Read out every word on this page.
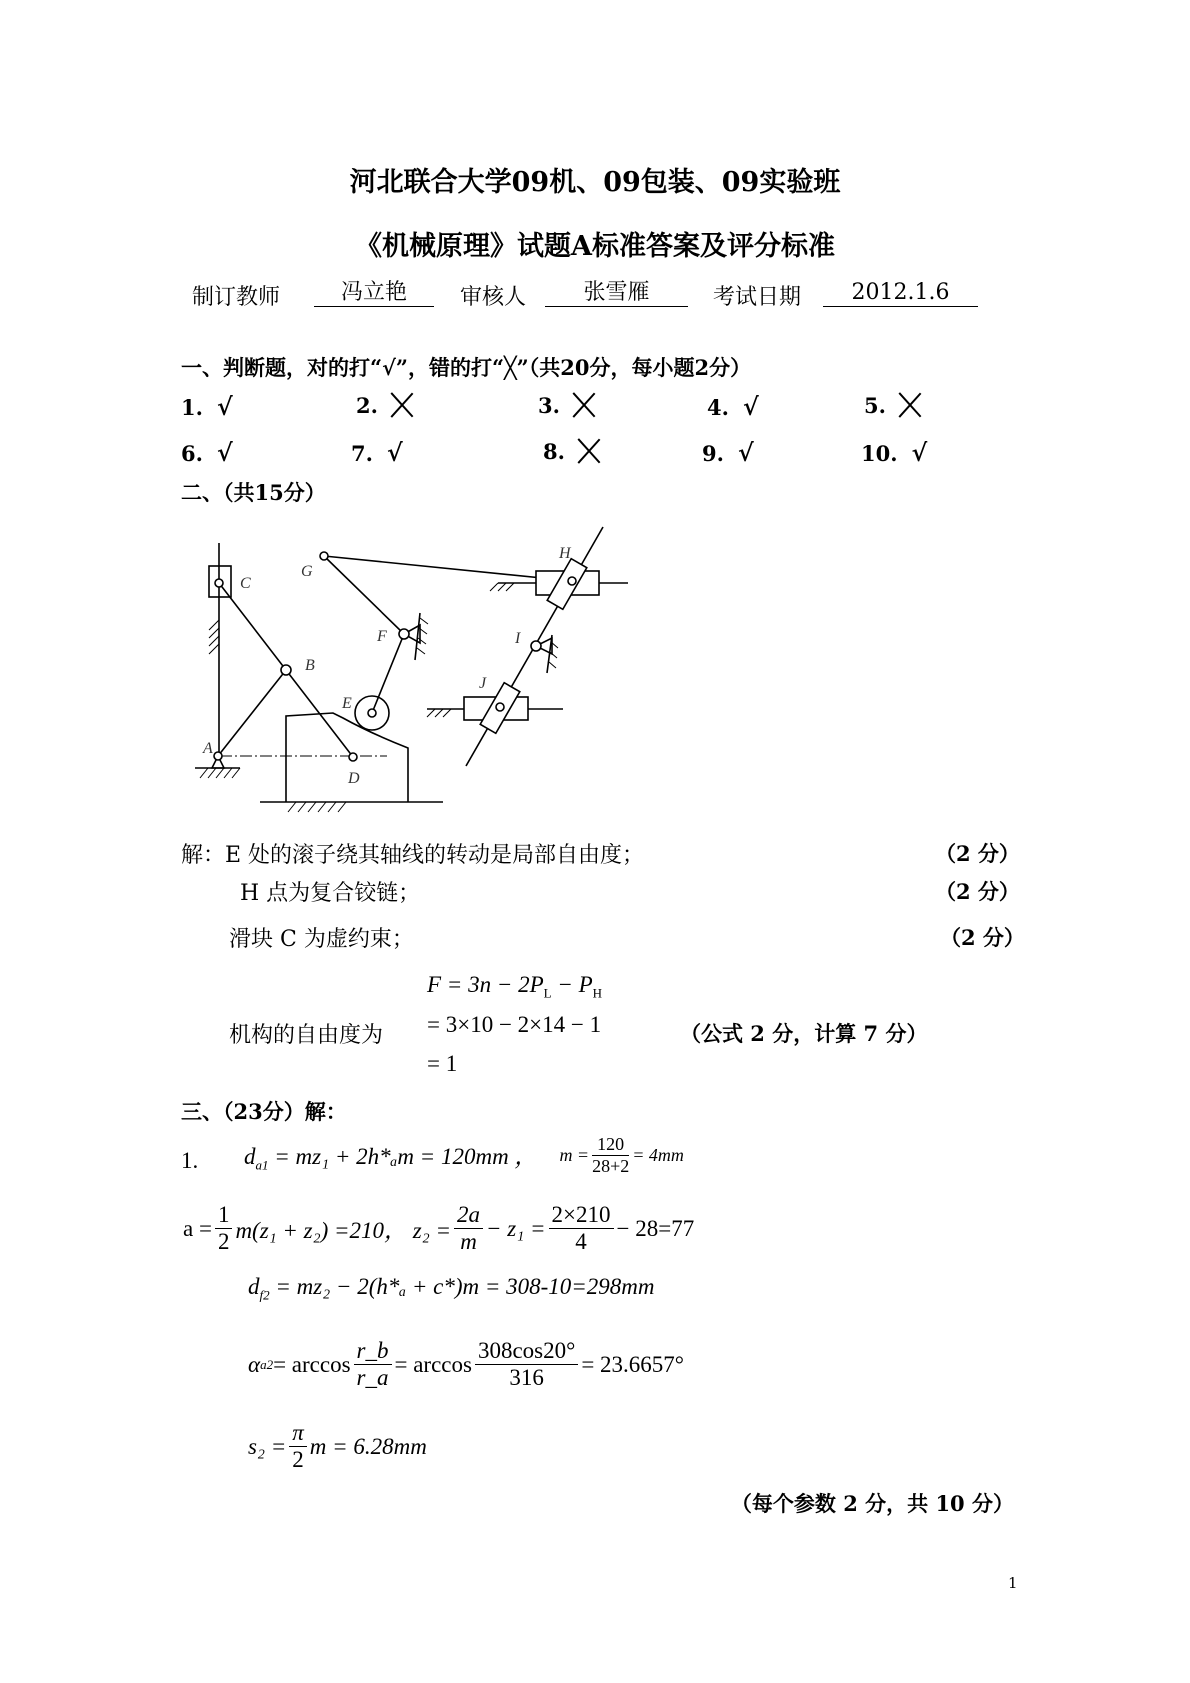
河北联合大学09机、09包装、09实验班
《机械原理》试题A标准答案及评分标准
制订教师	冯立艳	审核人	张雪雁	考试日期	2012.1.6
一、判断题，对的打“√”，错的打“╳”（共20分，每小题2分）
1. √	2.	3.	4. √	5.
6. √	7. √	8.	9. √	10. √
二、（共15分）
A
B
C
D
E
F
G
H
I
J
解：E 处的滚子绕其轴线的转动是局部自由度；	（2 分）
H 点为复合铰链；	（2 分）
滑块 C 为虚约束；	（2 分）
$F = 3n - 2P_L - P_H$
机构的自由度为 = 3×10 − 2×14 − 1
= 1
（公式 2 分，计算 7 分）
三、（23分）解：
1. $d_{a1} = mz_1 + 2h*_am = 120mm$ ， $m = \frac{120}{28+2} = 4mm$
$a = \frac{1}{2} m(z_1 + z_2) =210$， $z_2 = \frac{2a}{m} - z_1 = \frac{2\times 210}{4} - 28=77$
$d_{f2} = mz_2 - 2(h*_a + c*)m = 308-10=298mm$
α $a2 = \arccos \frac{r\_b}{r\_a} = \arccos \frac{308\cos 20^\circ}{316} = 23.6657^\circ$
$s_2 = \frac{\pi}{2}$ m = 6.28mm
（每个参数 2 分，共 10 分）
1
